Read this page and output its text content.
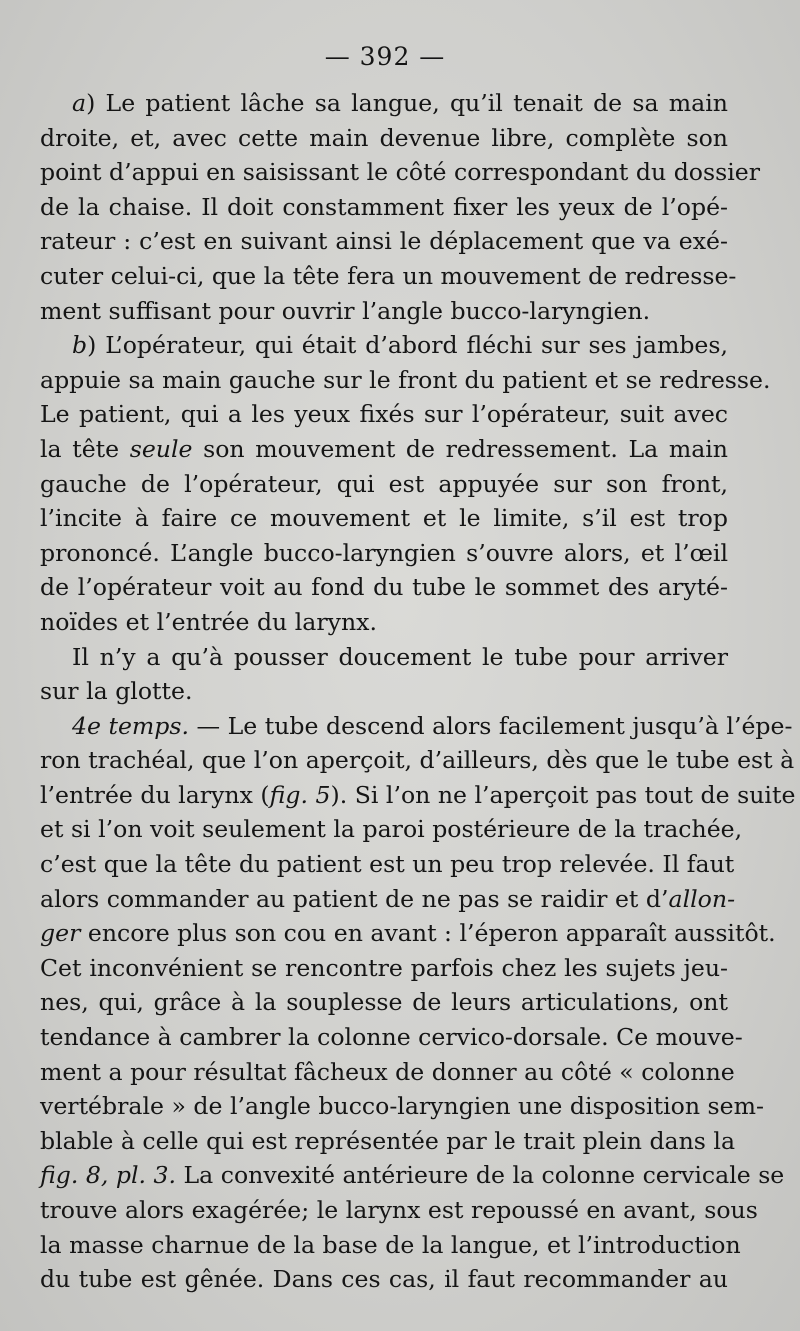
— 392 —
a) Le patient lâche sa langue, qu’il tenait de sa main
droite, et, avec cette main devenue libre, complète son
point d’appui en saisissant le côté correspondant du dossier
de la chaise. Il doit constamment fixer les yeux de l’opé-
rateur : c’est en suivant ainsi le déplacement que va exé-
cuter celui-ci, que la tête fera un mouvement de redresse-
ment suffisant pour ouvrir l’angle bucco-laryngien.
b) L’opérateur, qui était d’abord fléchi sur ses jambes,
appuie sa main gauche sur le front du patient et se redresse.
Le patient, qui a les yeux fixés sur l’opérateur, suit avec
la tête seule son mouvement de redressement. La main
gauche de l’opérateur, qui est appuyée sur son front,
l’incite à faire ce mouvement et le limite, s’il est trop
prononcé. L’angle bucco-laryngien s’ouvre alors, et l’œil
de l’opérateur voit au fond du tube le sommet des aryté-
noïdes et l’entrée du larynx.
Il n’y a qu’à pousser doucement le tube pour arriver
sur la glotte.
4e temps. — Le tube descend alors facilement jusqu’à l’épe-
ron trachéal, que l’on aperçoit, d’ailleurs, dès que le tube est à
l’entrée du larynx (fig. 5). Si l’on ne l’aperçoit pas tout de suite
et si l’on voit seulement la paroi postérieure de la trachée,
c’est que la tête du patient est un peu trop relevée. Il faut
alors commander au patient de ne pas se raidir et d’allon-
ger encore plus son cou en avant : l’éperon apparaît aussitôt.
Cet inconvénient se rencontre parfois chez les sujets jeu-
nes, qui, grâce à la souplesse de leurs articulations, ont
tendance à cambrer la colonne cervico-dorsale. Ce mouve-
ment a pour résultat fâcheux de donner au côté « colonne
vertébrale » de l’angle bucco-laryngien une disposition sem-
blable à celle qui est représentée par le trait plein dans la
fig. 8, pl. 3. La convexité antérieure de la colonne cervicale se
trouve alors exagérée; le larynx est repoussé en avant, sous
la masse charnue de la base de la langue, et l’introduction
du tube est gênée. Dans ces cas, il faut recommander au
